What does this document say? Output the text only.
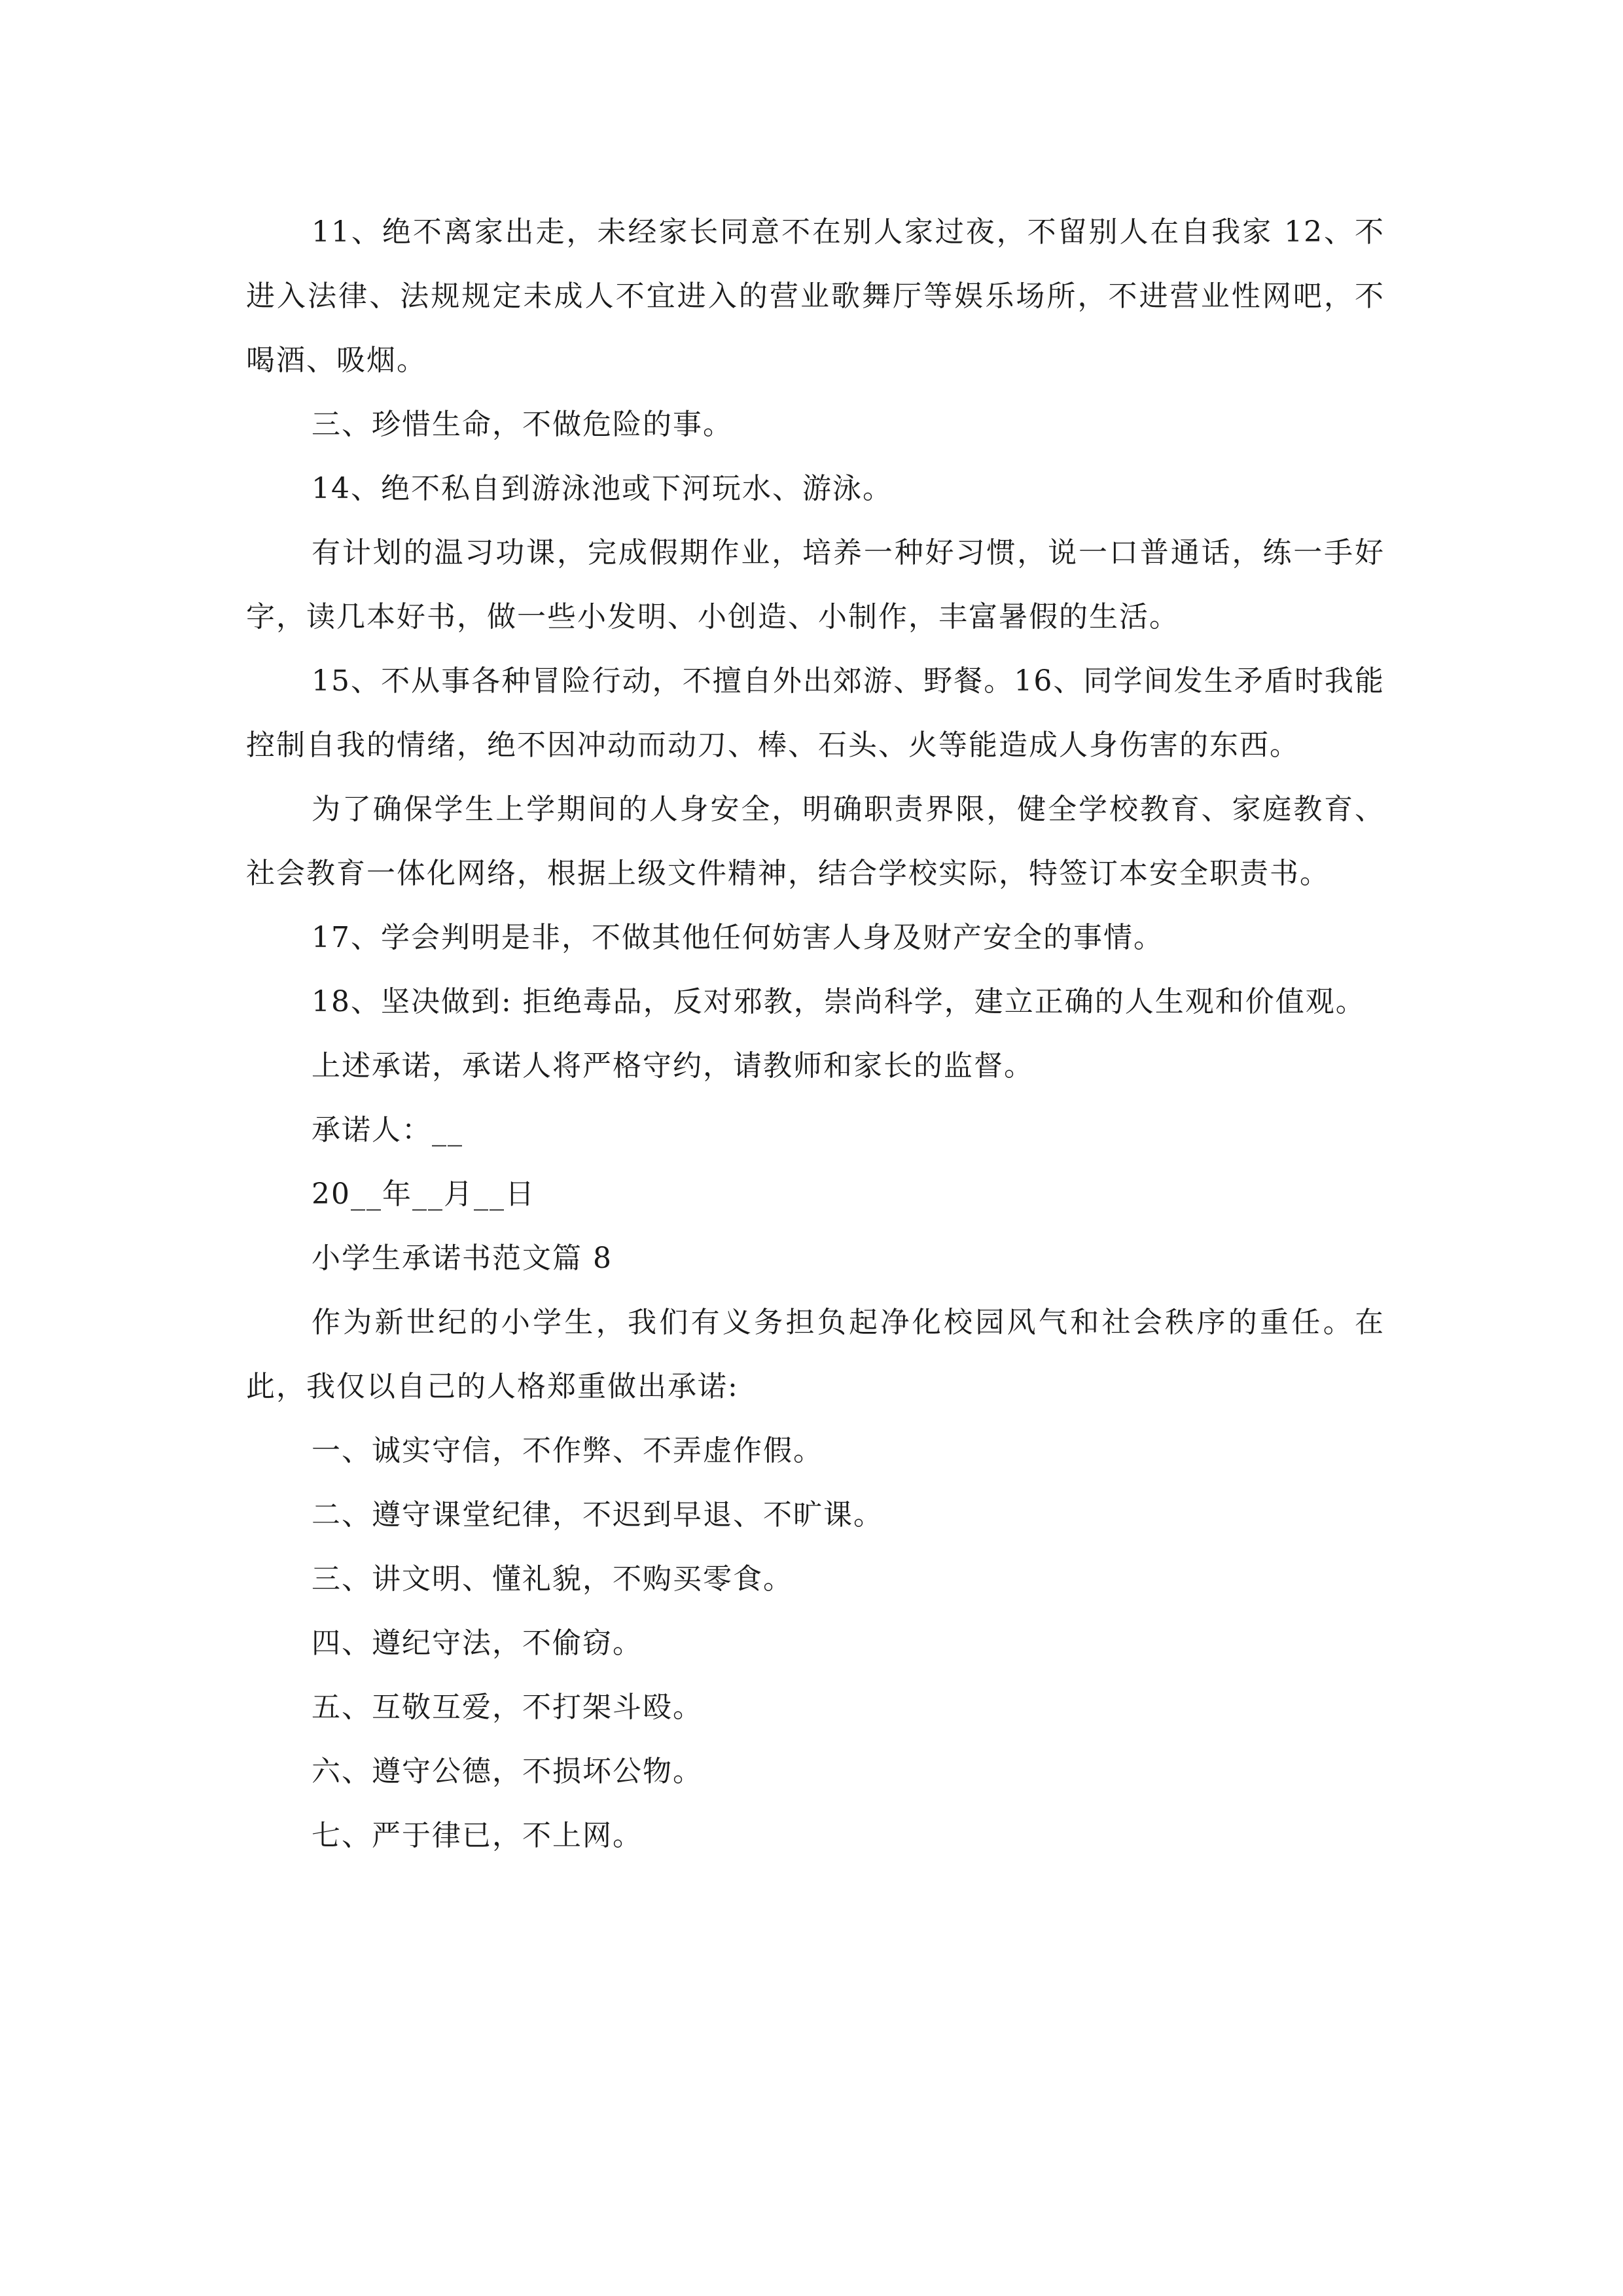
11、绝不离家出走，未经家长同意不在别人家过夜，不留别人在自我家 12、不进入法律、法规规定未成人不宜进入的营业歌舞厅等娱乐场所，不进营业性网吧，不喝酒、吸烟。

三、珍惜生命，不做危险的事。

14、绝不私自到游泳池或下河玩水、游泳。

有计划的温习功课，完成假期作业，培养一种好习惯，说一口普通话，练一手好字，读几本好书，做一些小发明、小创造、小制作，丰富暑假的生活。

15、不从事各种冒险行动，不擅自外出郊游、野餐。16、同学间发生矛盾时我能控制自我的情绪，绝不因冲动而动刀、棒、石头、火等能造成人身伤害的东西。

为了确保学生上学期间的人身安全，明确职责界限，健全学校教育、家庭教育、社会教育一体化网络，根据上级文件精神，结合学校实际，特签订本安全职责书。

17、学会判明是非，不做其他任何妨害人身及财产安全的事情。

18、坚决做到: 拒绝毒品，反对邪教，崇尚科学，建立正确的人生观和价值观。

上述承诺，承诺人将严格守约，请教师和家长的监督。

承诺人：__

20__年__月__日

小学生承诺书范文篇 8

作为新世纪的小学生，我们有义务担负起净化校园风气和社会秩序的重任。在此，我仅以自己的人格郑重做出承诺:

一、诚实守信，不作弊、不弄虚作假。

二、遵守课堂纪律，不迟到早退、不旷课。

三、讲文明、懂礼貌，不购买零食。

四、遵纪守法，不偷窃。

五、互敬互爱，不打架斗殴。

六、遵守公德，不损坏公物。

七、严于律已，不上网。
